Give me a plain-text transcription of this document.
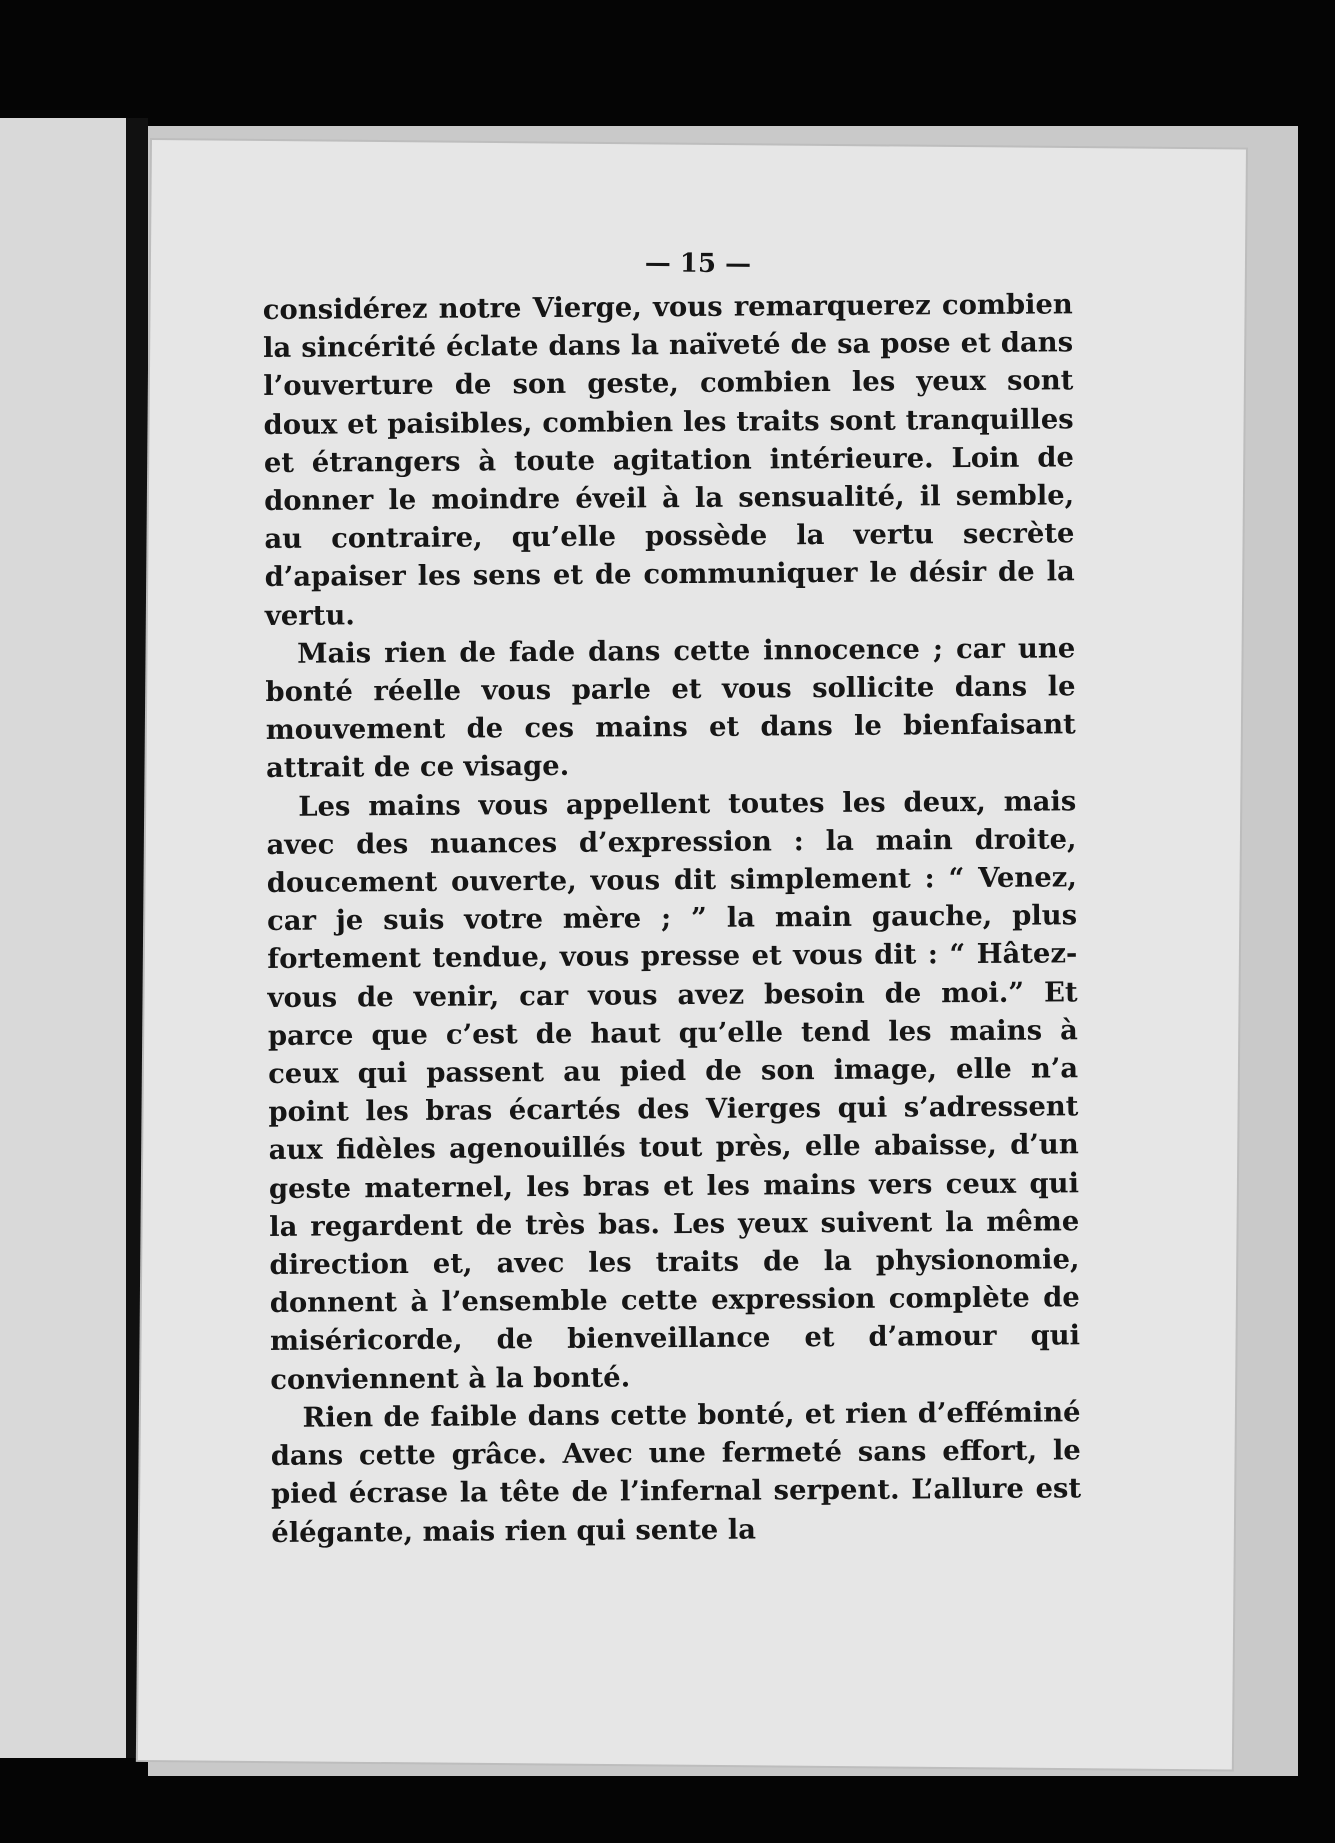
— 15 —

considérez notre Vierge, vous remarquerez combien la sincérité éclate dans la naïveté de sa pose et dans l’ouverture de son geste, combien les yeux sont doux et paisibles, combien les traits sont tranquilles et étrangers à toute agitation intérieure. Loin de donner le moindre éveil à la sensualité, il semble, au contraire, qu’elle possède la vertu secrète d’apaiser les sens et de communiquer le désir de la vertu.

Mais rien de fade dans cette innocence ; car une bonté réelle vous parle et vous sollicite dans le mouvement de ces mains et dans le bienfaisant attrait de ce visage.

Les mains vous appellent toutes les deux, mais avec des nuances d’expression : la main droite, doucement ouverte, vous dit simplement : “ Venez, car je suis votre mère ; ” la main gauche, plus fortement tendue, vous presse et vous dit : “ Hâtez-vous de venir, car vous avez besoin de moi.” Et parce que c’est de haut qu’elle tend les mains à ceux qui passent au pied de son image, elle n’a point les bras écartés des Vierges qui s’adressent aux fidèles agenouillés tout près, elle abaisse, d’un geste maternel, les bras et les mains vers ceux qui la regardent de très bas. Les yeux suivent la même direction et, avec les traits de la physionomie, donnent à l’ensemble cette expression complète de miséricorde, de bienveillance et d’amour qui conviennent à la bonté.

Rien de faible dans cette bonté, et rien d’efféminé dans cette grâce. Avec une fermeté sans effort, le pied écrase la tête de l’infernal serpent. L’allure est élégante, mais rien qui sente la
